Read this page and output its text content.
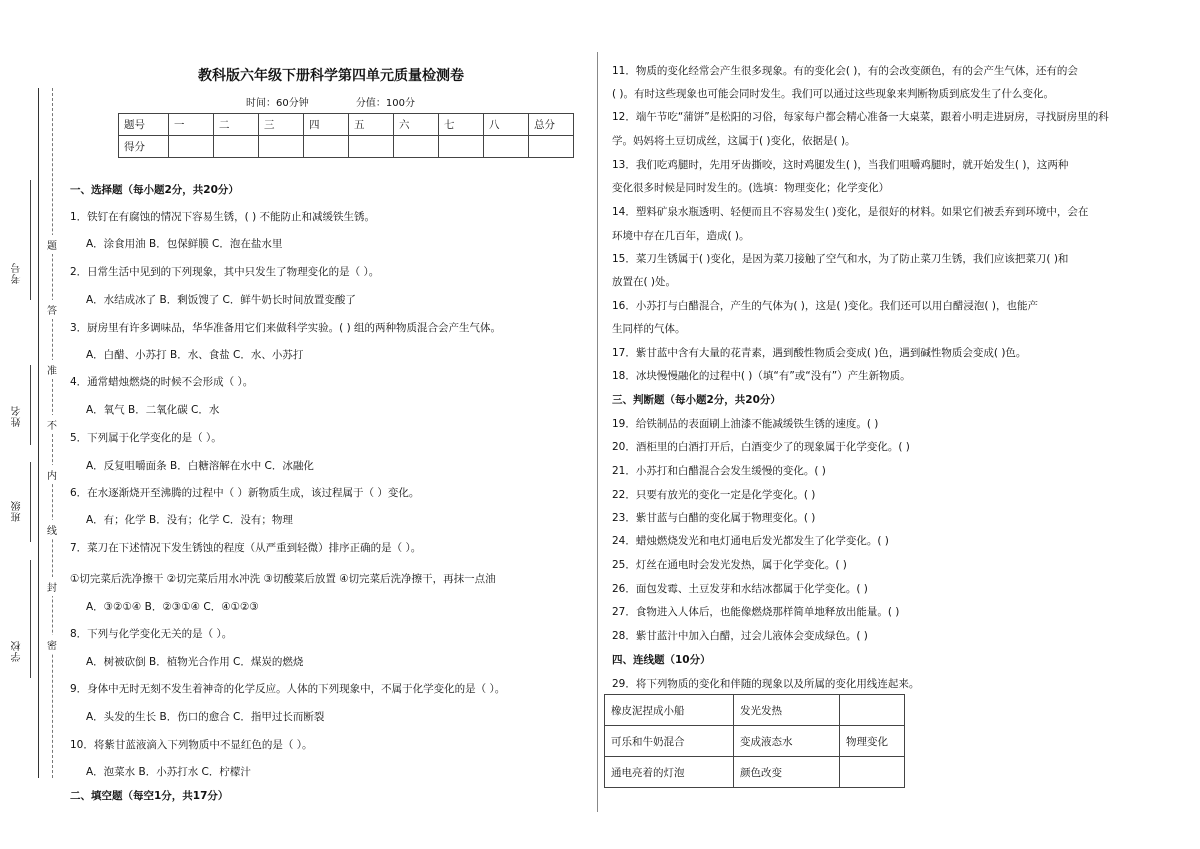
学校
班级
姓名
考号
题
答
准
不
内
线
封
密
教科版六年级下册科学第四单元质量检测卷
时间：60分钟	分值：100分
题号	一	二	三	四	五	六	七	八	总分
得分									
一、选择题（每小题2分，共20分）
1．铁钉在有腐蚀的情况下容易生锈，( ) 不能防止和减缓铁生锈。
A．涂食用油 B．包保鲜膜 C．泡在盐水里
2．日常生活中见到的下列现象，其中只发生了物理变化的是（ ）。
A．水结成冰了 B．剩饭馊了 C．鲜牛奶长时间放置变酸了
3．厨房里有许多调味品，华华准备用它们来做科学实验。( ) 组的两种物质混合会产生气体。
A．白醋、小苏打 B．水、食盐 C．水、小苏打
4．通常蜡烛燃烧的时候不会形成（ ）。
A．氧气 B．二氧化碳 C．水
5．下列属于化学变化的是（ ）。
A．反复咀嚼面条 B．白糖溶解在水中 C．冰融化
6．在水逐渐烧开至沸腾的过程中（ ）新物质生成，该过程属于（ ）变化。
A．有；化学 B．没有；化学 C．没有；物理
7．菜刀在下述情况下发生锈蚀的程度（从严重到轻微）排序正确的是（ ）。
①切完菜后洗净擦干 ②切完菜后用水冲洗 ③切酸菜后放置 ④切完菜后洗净擦干，再抹一点油
A．③②①④ B．②③①④ C．④①②③
8．下列与化学变化无关的是（ ）。
A．树被砍倒 B．植物光合作用 C．煤炭的燃烧
9．身体中无时无刻不发生着神奇的化学反应。人体的下列现象中，不属于化学变化的是（ ）。
A．头发的生长 B．伤口的愈合 C．指甲过长而断裂
10．将紫甘蓝液滴入下列物质中不显红色的是（ ）。
A．泡菜水 B．小苏打水 C．柠檬汁
二、填空题（每空1分，共17分）
11．物质的变化经常会产生很多现象。有的变化会( )，有的会改变颜色，有的会产生气体，还有的会
( )。有时这些现象也可能会同时发生。我们可以通过这些现象来判断物质到底发生了什么变化。
12．端午节吃“蒲饼”是松阳的习俗，每家每户都会精心准备一大桌菜，跟着小明走进厨房，寻找厨房里的科
学。妈妈将土豆切成丝，这属于( )变化，依据是( )。
13．我们吃鸡腿时，先用牙齿撕咬，这时鸡腿发生( )，当我们咀嚼鸡腿时，就开始发生( )，这两种
变化很多时候是同时发生的。(选填：物理变化；化学变化）
14．塑料矿泉水瓶透明、轻便而且不容易发生( )变化，是很好的材料。如果它们被丢弃到环境中，会在
环境中存在几百年，造成( )。
15．菜刀生锈属于( )变化，是因为菜刀接触了空气和水，为了防止菜刀生锈，我们应该把菜刀( )和
放置在( )处。
16．小苏打与白醋混合，产生的气体为( )，这是( )变化。我们还可以用白醋浸泡( )，也能产
生同样的气体。
17．紫甘蓝中含有大量的花青素，遇到酸性物质会变成( )色，遇到碱性物质会变成( )色。
18．冰块慢慢融化的过程中( )（填“有”或“没有”）产生新物质。
三、判断题（每小题2分，共20分）
19．给铁制品的表面刷上油漆不能减缓铁生锈的速度。( )
20．酒柜里的白酒打开后，白酒变少了的现象属于化学变化。( )
21．小苏打和白醋混合会发生缓慢的变化。( )
22．只要有放光的变化一定是化学变化。( )
23．紫甘蓝与白醋的变化属于物理变化。( )
24．蜡烛燃烧发光和电灯通电后发光都发生了化学变化。( )
25．灯丝在通电时会发光发热，属于化学变化。( )
26．面包发霉、土豆发芽和水结冰都属于化学变化。( )
27．食物进入人体后，也能像燃烧那样简单地释放出能量。( )
28．紫甘蓝汁中加入白醋，过会儿液体会变成绿色。( )
四、连线题（10分）
29．将下列物质的变化和伴随的现象以及所属的变化用线连起来。
橡皮泥捏成小船	发光发热	
可乐和牛奶混合	变成液态水	物理变化
通电亮着的灯泡	颜色改变	
